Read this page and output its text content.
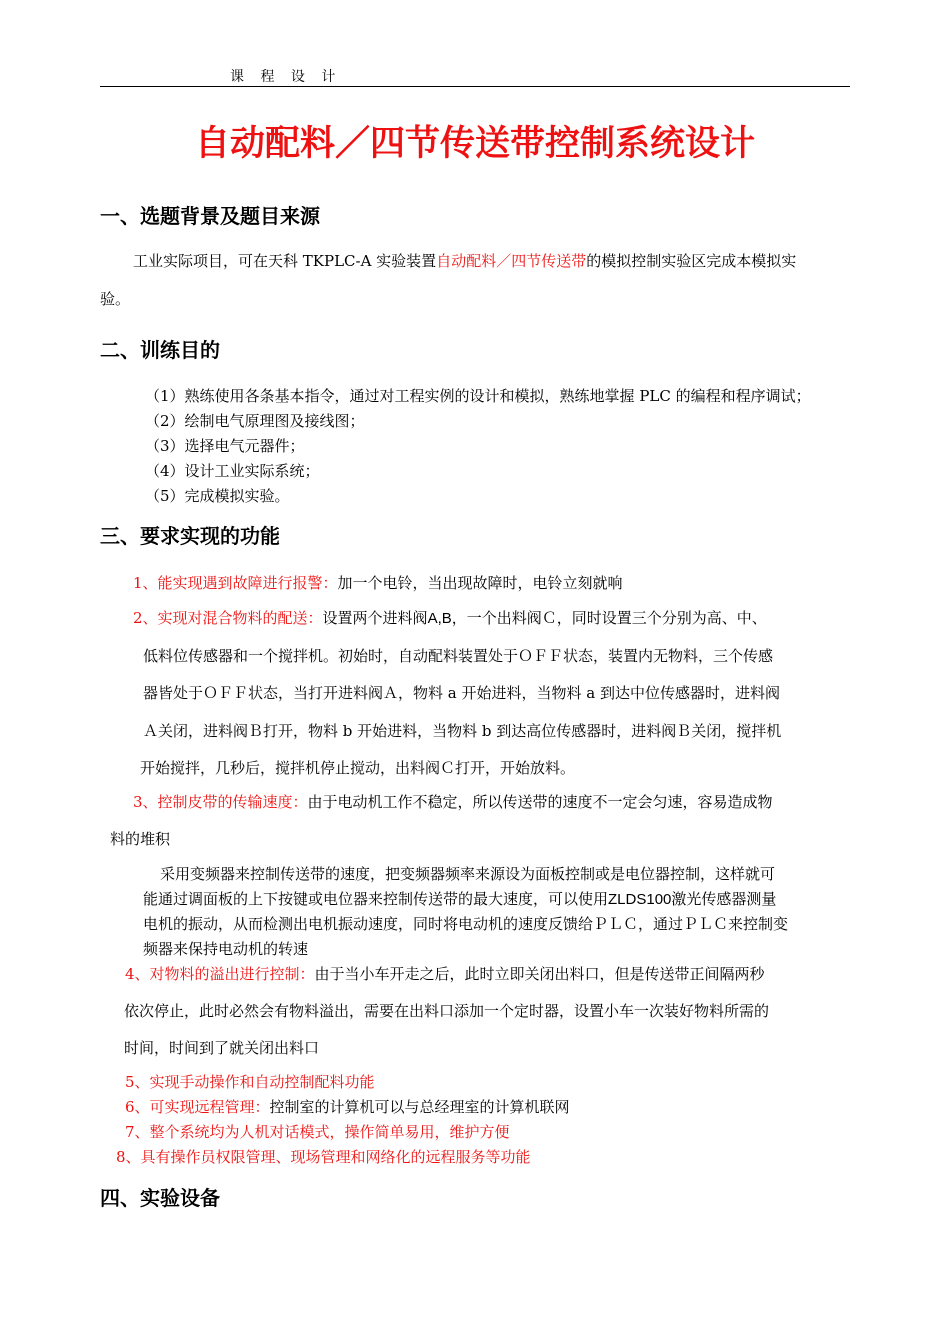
课 程 设 计
自动配料／四节传送带控制系统设计
一、选题背景及题目来源
工业实际项目，可在天科 TKPLC-A 实验装置自动配料／四节传送带的模拟控制实验区完成本模拟实
验。
二、训练目的
（1）熟练使用各条基本指令，通过对工程实例的设计和模拟，熟练地掌握 PLC 的编程和程序调试；
（2）绘制电气原理图及接线图；
（3）选择电气元器件；
（4）设计工业实际系统；
（5）完成模拟实验。
三、要求实现的功能
1、能实现遇到故障进行报警：加一个电铃，当出现故障时，电铃立刻就响
2、实现对混合物料的配送：设置两个进料阀A,B，一个出料阀Ｃ，同时设置三个分别为高、中、
低料位传感器和一个搅拌机。初始时，自动配料装置处于ＯＦＦ状态，装置内无物料，三个传感
器皆处于ＯＦＦ状态，当打开进料阀Ａ，物料 a 开始进料，当物料 a 到达中位传感器时，进料阀
Ａ关闭，进料阀Ｂ打开，物料 b 开始进料，当物料 b 到达高位传感器时，进料阀Ｂ关闭，搅拌机
开始搅拌，几秒后，搅拌机停止搅动，出料阀Ｃ打开，开始放料。
3、控制皮带的传输速度：由于电动机工作不稳定，所以传送带的速度不一定会匀速，容易造成物
料的堆积
采用变频器来控制传送带的速度，把变频器频率来源设为面板控制或是电位器控制，这样就可
能通过调面板的上下按键或电位器来控制传送带的最大速度，可以使用ZLDS100激光传感器测量
电机的振动，从而检测出电机振动速度，同时将电动机的速度反馈给ＰＬＣ，通过ＰＬＣ来控制变
频器来保持电动机的转速
4、对物料的溢出进行控制：由于当小车开走之后，此时立即关闭出料口，但是传送带正间隔两秒
依次停止，此时必然会有物料溢出，需要在出料口添加一个定时器，设置小车一次装好物料所需的
时间，时间到了就关闭出料口
5、实现手动操作和自动控制配料功能
6、可实现远程管理：控制室的计算机可以与总经理室的计算机联网
7、整个系统均为人机对话模式，操作简单易用，维护方便
8、具有操作员权限管理、现场管理和网络化的远程服务等功能
四、实验设备
